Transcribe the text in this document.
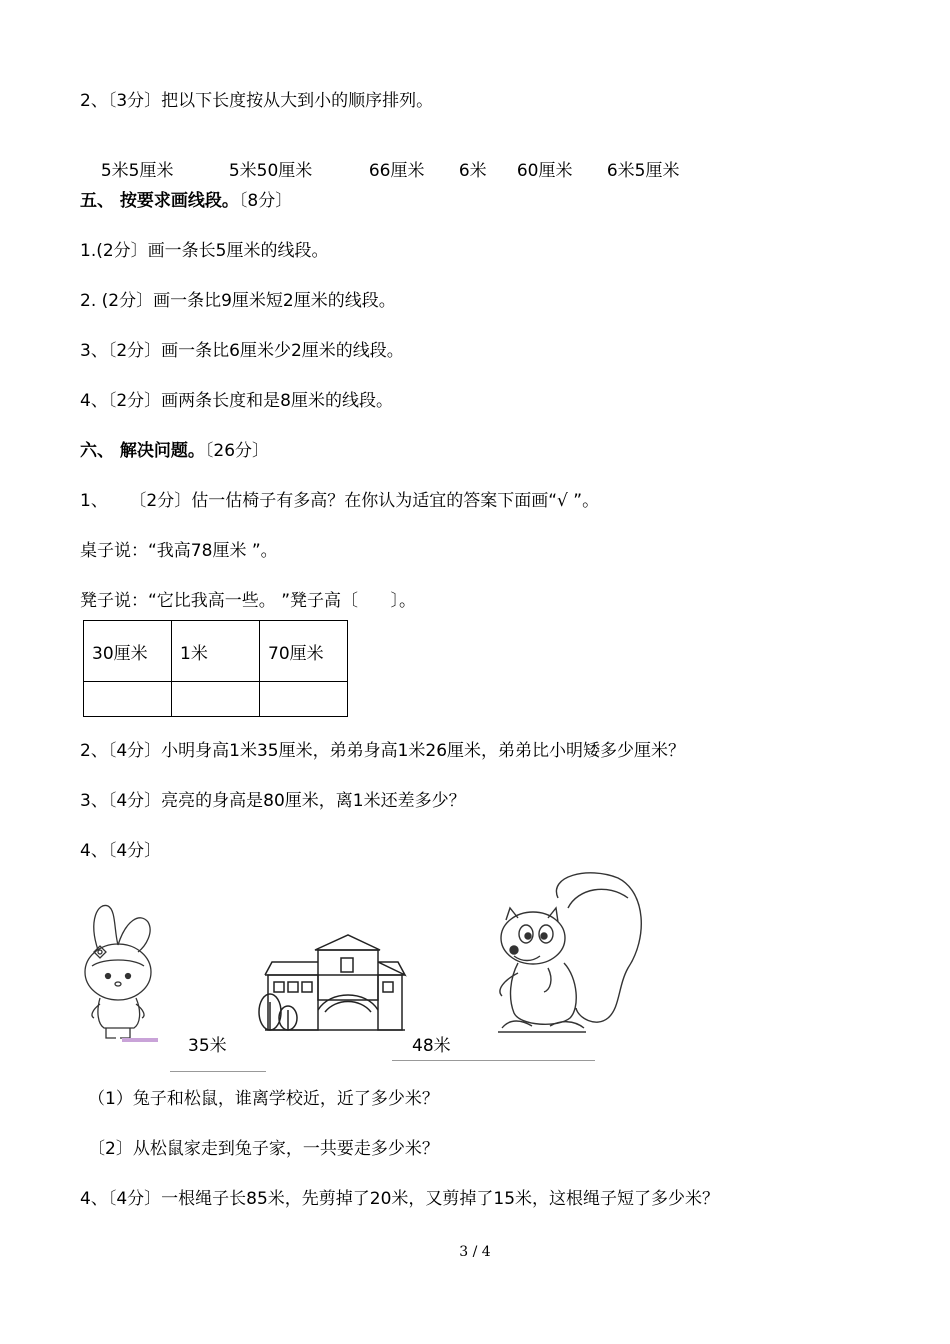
2、〔3分〕把以下长度按从大到小的顺序排列。

5米5厘米	5米50厘米	66厘米 6米 60厘米 6米5厘米

五、 按要求画线段。〔8分〕
1.(2分〕画一条长5厘米的线段。
2. (2分〕画一条比9厘米短2厘米的线段。
3、〔2分〕画一条比6厘米少2厘米的线段。
4、〔2分〕画两条长度和是8厘米的线段。
六、 解决问题。〔26分〕
1、    〔2分〕估一估椅子有多高？在你认为适宜的答案下面画“√ ”。
桌子说：“我高78厘米 ”。
凳子说：“它比我高一些。 ”凳子高〔      〕。
30厘米	1米	70厘米

2、〔4分〕小明身高1米35厘米，弟弟身高1米26厘米，弟弟比小明矮多少厘米？
3、〔4分〕亮亮的身高是80厘米，离1米还差多少？
4、〔4分〕
35米	48米
（1）兔子和松鼠，谁离学校近，近了多少米？
〔2〕从松鼠家走到兔子家，一共要走多少米？
4、〔4分〕一根绳子长85米，先剪掉了20米，又剪掉了15米，这根绳子短了多少米？
3 / 4
